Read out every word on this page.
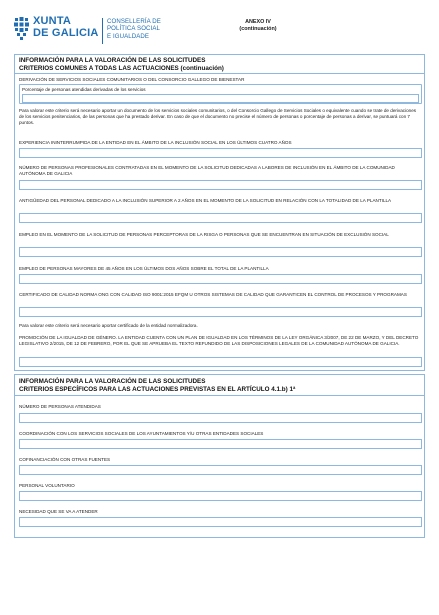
XUNTA
DE GALICIA
CONSELLERÍA DE
POLÍTICA SOCIAL
E IGUALDADE
ANEXO IV
(continuación)
INFORMACIÓN PARA LA VALORACIÓN DE LAS SOLICITUDES
CRITERIOS COMUNES A TODAS LAS ACTUACIONES (continuación)
DERIVACIÓN DE SERVICIOS SOCIALES COMUNITARIOS O DEL CONSORCIO GALLEGO DE BIENESTAR
Porcentaje de personas atendidas derivadas de los servicios
Para valorar este criterio será necesario aportar un documento de los servicios sociales comunitarios, o del Consorcio Gallego de Servicios Sociales o equivalente cuando se trate de derivaciones de los servicios penitenciarios, de las personas que ha prestado derivar. En caso de que el documento no precise el número de personas o porcentaje de personas a derivar, se puntuará con 7 puntos.
EXPERIENCIA ININTERRUMPIDA DE LA ENTIDAD EN EL ÁMBITO DE LA INCLUSIÓN SOCIAL EN LOS ÚLTIMOS CUATRO AÑOS
NÚMERO DE PERSONAS PROFESIONALES CONTRATADAS EN EL MOMENTO DE LA SOLICITUD DEDICADAS A LABORES DE INCLUSIÓN EN EL ÁMBITO DE LA COMUNIDAD AUTÓNOMA DE GALICIA
ANTIGÜEDAD DEL PERSONAL DEDICADO A LA INCLUSIÓN SUPERIOR A 2 AÑOS EN EL MOMENTO DE LA SOLICITUD EN RELACIÓN CON LA TOTALIDAD DE LA PLANTILLA
EMPLEO EN EL MOMENTO DE LA SOLICITUD DE PERSONAS PERCEPTORAS DE LA RISGA O PERSONAS QUE SE ENCUENTRAN EN SITUACIÓN DE EXCLUSIÓN SOCIAL
EMPLEO DE PERSONAS MAYORES DE 45 AÑOS EN LOS ÚLTIMOS DOS AÑOS SOBRE EL TOTAL DE LA PLANTILLA
CERTIFICADO DE CALIDAD NORMA ONG CON CALIDAD ISO 9001:2015 EFQM U OTROS SISTEMAS DE CALIDAD QUE GARANTICEN EL CONTROL DE PROCESOS Y PROGRAMAS
Para valorar este criterio será necesario aportar certificado de la entidad normalizadora.
PROMOCIÓN DE LA IGUALDAD DE GÉNERO. LA ENTIDAD CUENTA CON UN PLAN DE IGUALDAD EN LOS TÉRMINOS DE LA LEY ORGÁNICA 3/2007, DE 22 DE MARZO, Y DEL DECRETO LEGISLATIVO 2/2015, DE 12 DE FEBRERO, POR EL QUE SE APRUEBA EL TEXTO REFUNDIDO DE LAS DISPOSICIONES LEGALES DE LA COMUNIDAD AUTÓNOMA DE GALICIA.
INFORMACIÓN PARA LA VALORACIÓN DE LAS SOLICITUDES
CRITERIOS ESPECÍFICOS PARA LAS ACTUACIONES PREVISTAS EN EL ARTÍCULO 4.1.b) 1ª
NÚMERO DE PERSONAS ATENDIDAS
COORDINACIÓN CON LOS SERVICIOS SOCIALES DE LOS AYUNTAMIENTOS Y/U OTRAS ENTIDADES SOCIALES
COFINANCIACIÓN CON OTRAS FUENTES
PERSONAL VOLUNTARIO
NECESIDAD QUE SE VA A ATENDER
